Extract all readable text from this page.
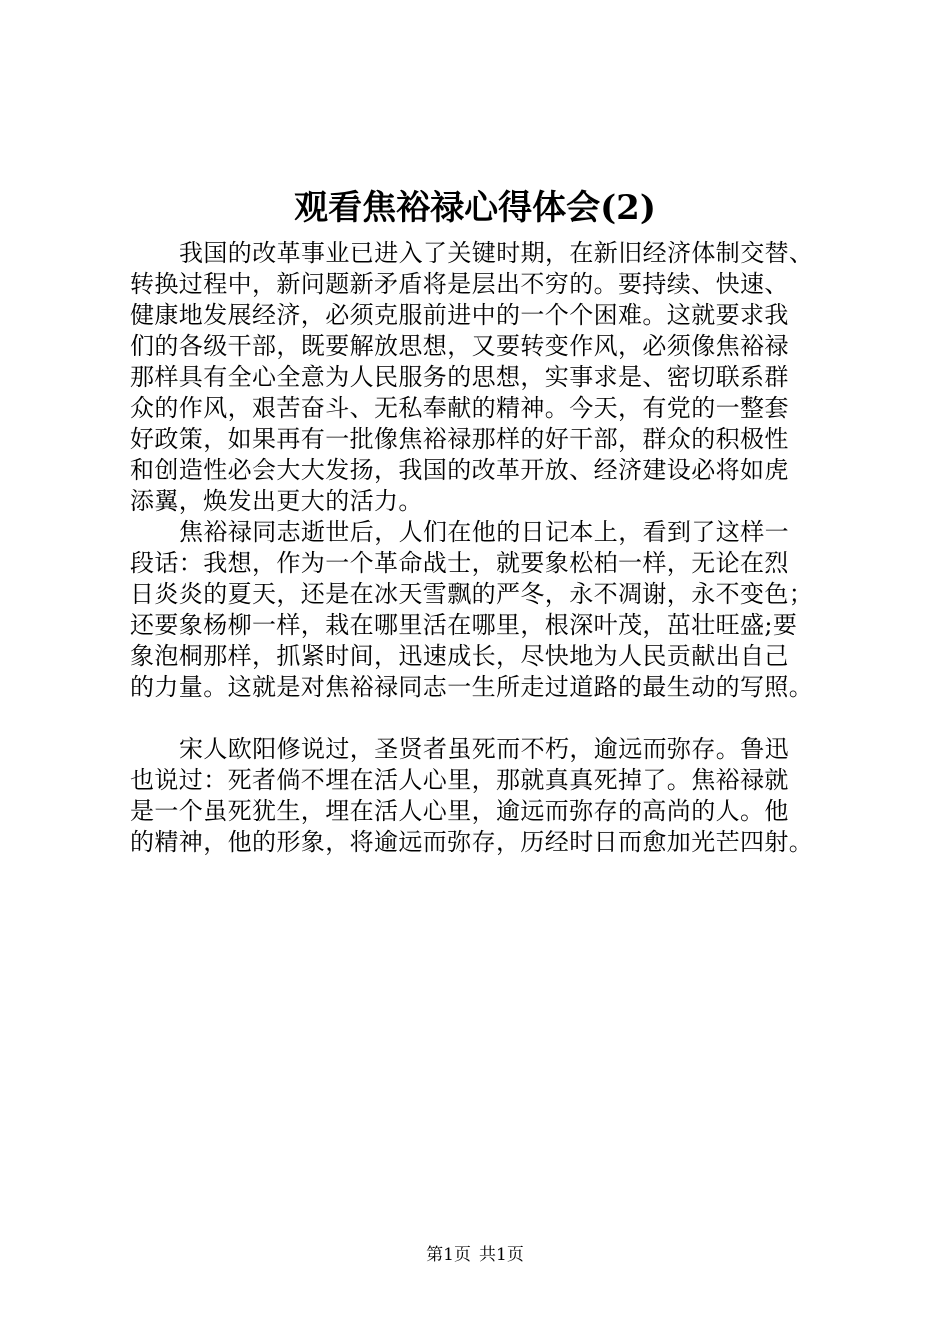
观看焦裕禄心得体会(2)
我国的改革事业已进入了关键时期，在新旧经济体制交替、
转换过程中，新问题新矛盾将是层出不穷的。要持续、快速、
健康地发展经济，必须克服前进中的一个个困难。这就要求我
们的各级干部，既要解放思想，又要转变作风，必须像焦裕禄
那样具有全心全意为人民服务的思想，实事求是、密切联系群
众的作风，艰苦奋斗、无私奉献的精神。今天，有党的一整套
好政策，如果再有一批像焦裕禄那样的好干部，群众的积极性
和创造性必会大大发扬，我国的改革开放、经济建设必将如虎
添翼，焕发出更大的活力。
焦裕禄同志逝世后，人们在他的日记本上，看到了这样一
段话：我想，作为一个革命战士，就要象松柏一样，无论在烈
日炎炎的夏天，还是在冰天雪飘的严冬，永不凋谢，永不变色；
还要象杨柳一样，栽在哪里活在哪里，根深叶茂，茁壮旺盛;要
象泡桐那样，抓紧时间，迅速成长，尽快地为人民贡献出自己
的力量。这就是对焦裕禄同志一生所走过道路的最生动的写照。
宋人欧阳修说过，圣贤者虽死而不朽，逾远而弥存。鲁迅
也说过：死者倘不埋在活人心里，那就真真死掉了。焦裕禄就
是一个虽死犹生，埋在活人心里，逾远而弥存的高尚的人。他
的精神，他的形象，将逾远而弥存，历经时日而愈加光芒四射。
第1页 共1页
